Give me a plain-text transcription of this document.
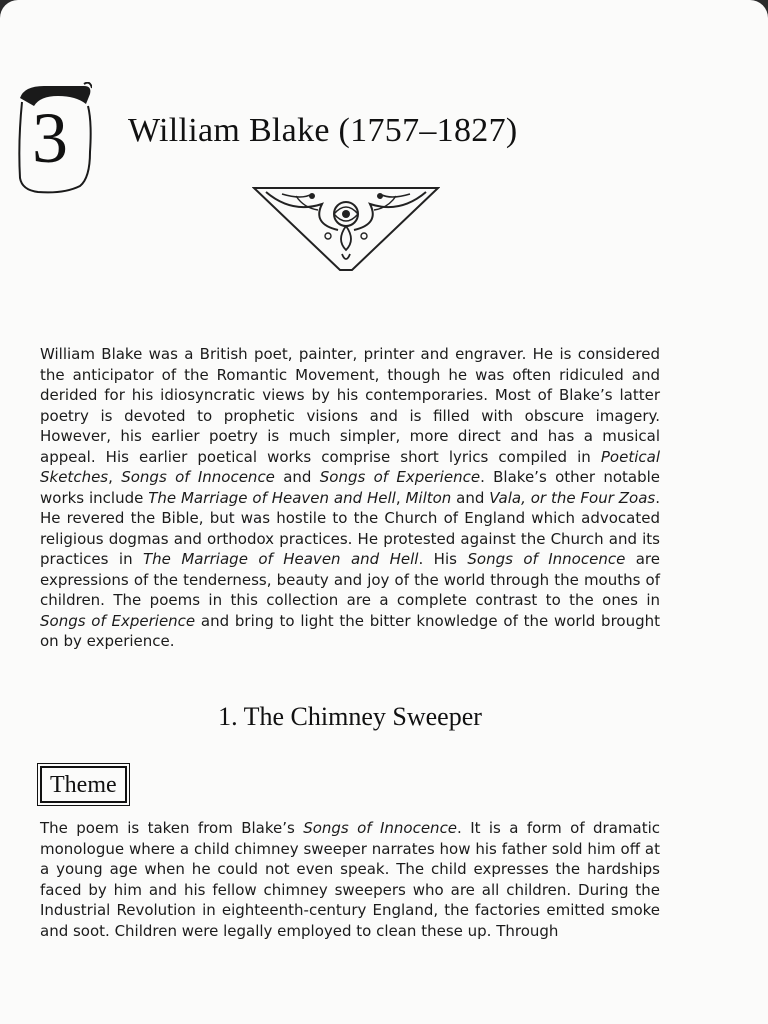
3	William Blake (1757–1827)

William Blake was a British poet, painter, printer and engraver. He is considered the anticipator of the Romantic Movement, though he was often ridiculed and derided for his idiosyncratic views by his contemporaries. Most of Blake’s latter poetry is devoted to prophetic visions and is filled with obscure imagery. However, his earlier poetry is much simpler, more direct and has a musical appeal. His earlier poetical works comprise short lyrics compiled in Poetical Sketches, Songs of Innocence and Songs of Experience. Blake’s other notable works include The Marriage of Heaven and Hell, Milton and Vala, or the Four Zoas. He revered the Bible, but was hostile to the Church of England which advocated religious dogmas and orthodox practices. He protested against the Church and its practices in The Marriage of Heaven and Hell. His Songs of Innocence are expressions of the tenderness, beauty and joy of the world through the mouths of children. The poems in this collection are a complete contrast to the ones in Songs of Experience and bring to light the bitter knowledge of the world brought on by experience.

1. The Chimney Sweeper
Theme

The poem is taken from Blake’s Songs of Innocence. It is a form of dramatic monologue where a child chimney sweeper narrates how his father sold him off at a young age when he could not even speak. The child expresses the hardships faced by him and his fellow chimney sweepers who are all children. During the Industrial Revolution in eighteenth-century England, the factories emitted smoke and soot. Children were legally employed to clean these up. Through
